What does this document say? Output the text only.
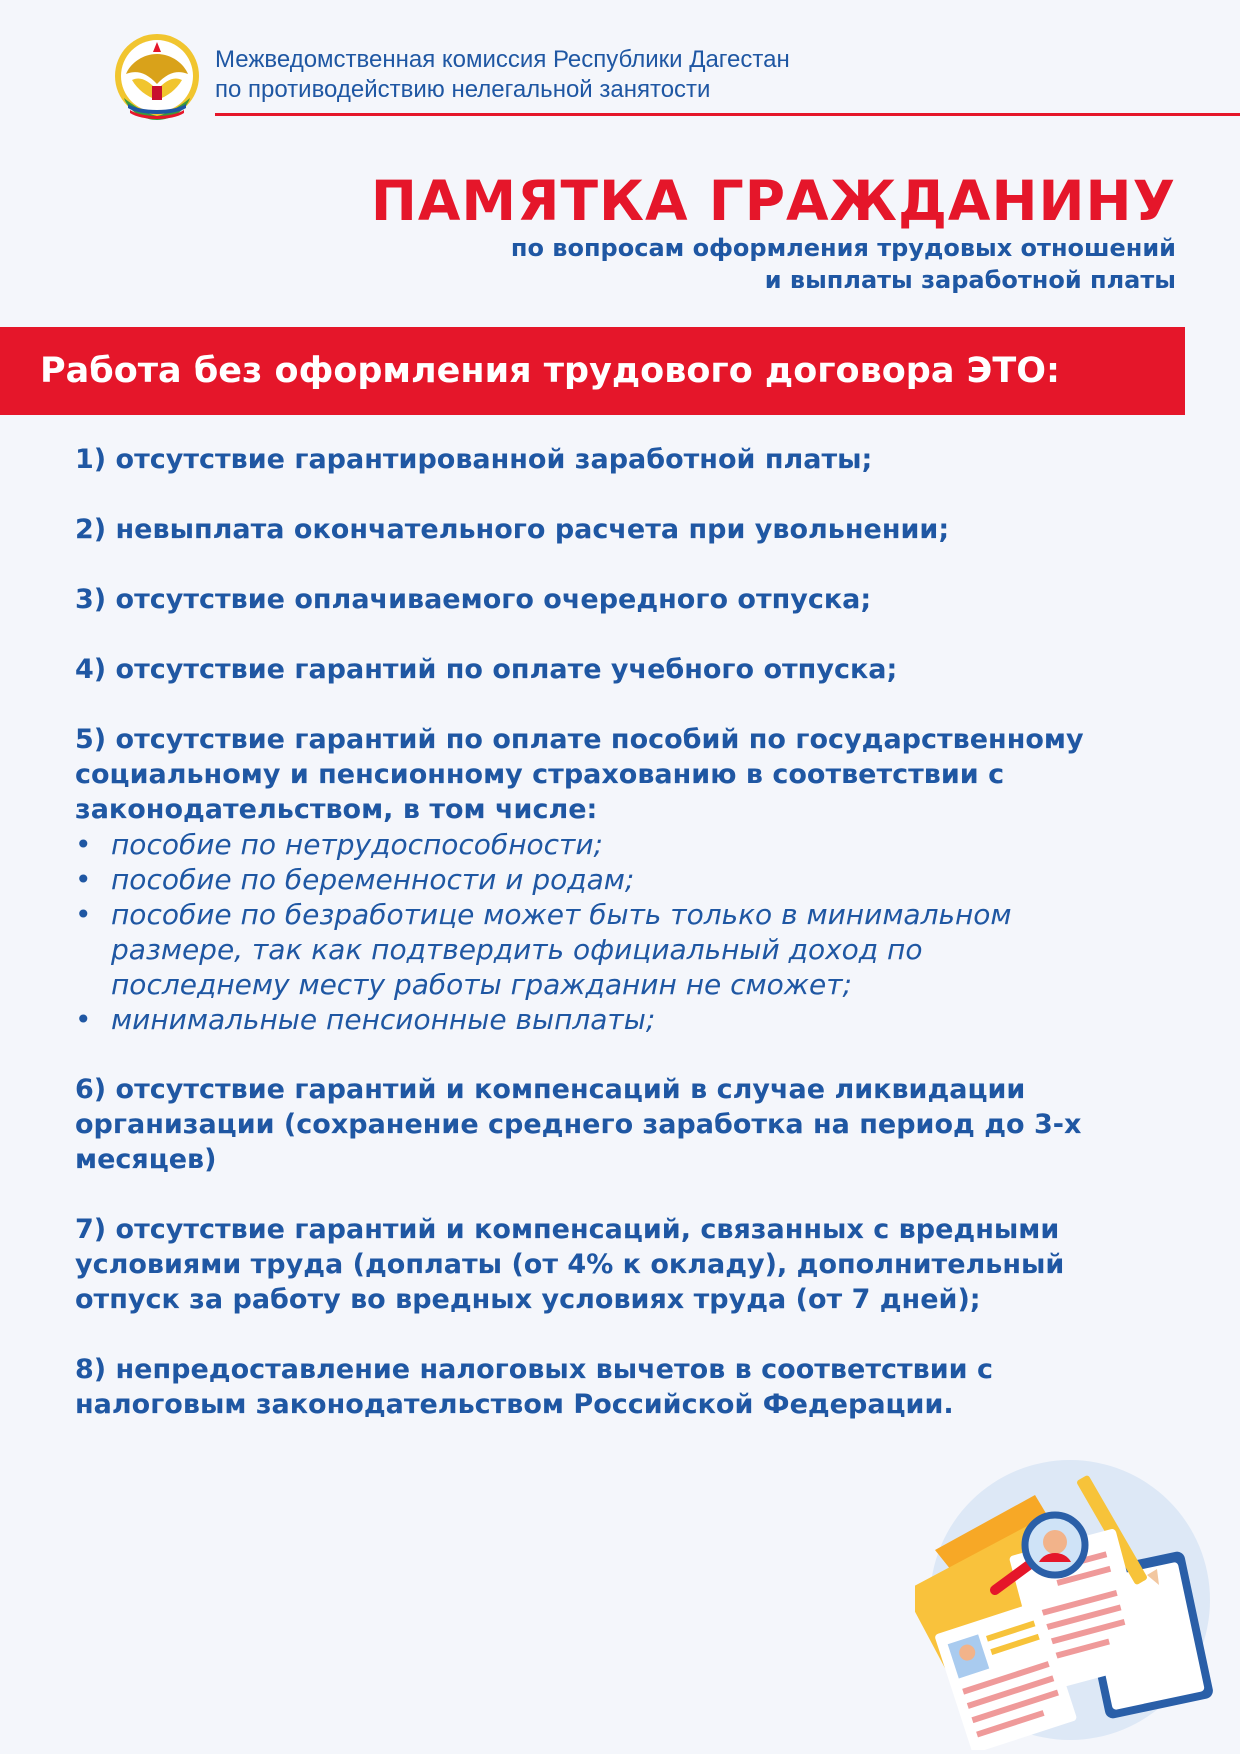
Межведомственная комиссия Республики Дагестан
по противодействию нелегальной занятости
ПАМЯТКА ГРАЖДАНИНУ
по вопросам оформления трудовых отношений
и выплаты заработной платы
Работа без оформления трудового договора ЭТО:
1) отсутствие гарантированной заработной платы;
2) невыплата окончательного расчета при увольнении;
3) отсутствие оплачиваемого очередного отпуска;
4) отсутствие гарантий по оплате учебного отпуска;
5) отсутствие гарантий по оплате пособий по государственному
социальному и пенсионному страхованию в соответствии с
законодательством, в том числе:
• пособие по нетрудоспособности;
• пособие по беременности и родам;
• пособие по безработице может быть только в минимальном
размере, так как подтвердить официальный доход по
последнему месту работы гражданин не сможет;
• минимальные пенсионные выплаты;
6) отсутствие гарантий и компенсаций в случае ликвидации
организации (сохранение среднего заработка на период до 3-х
месяцев)
7) отсутствие гарантий и компенсаций, связанных с вредными
условиями труда (доплаты (от 4% к окладу), дополнительный
отпуск за работу во вредных условиях труда (от 7 дней);
8) непредоставление налоговых вычетов в соответствии с
налоговым законодательством Российской Федерации.
